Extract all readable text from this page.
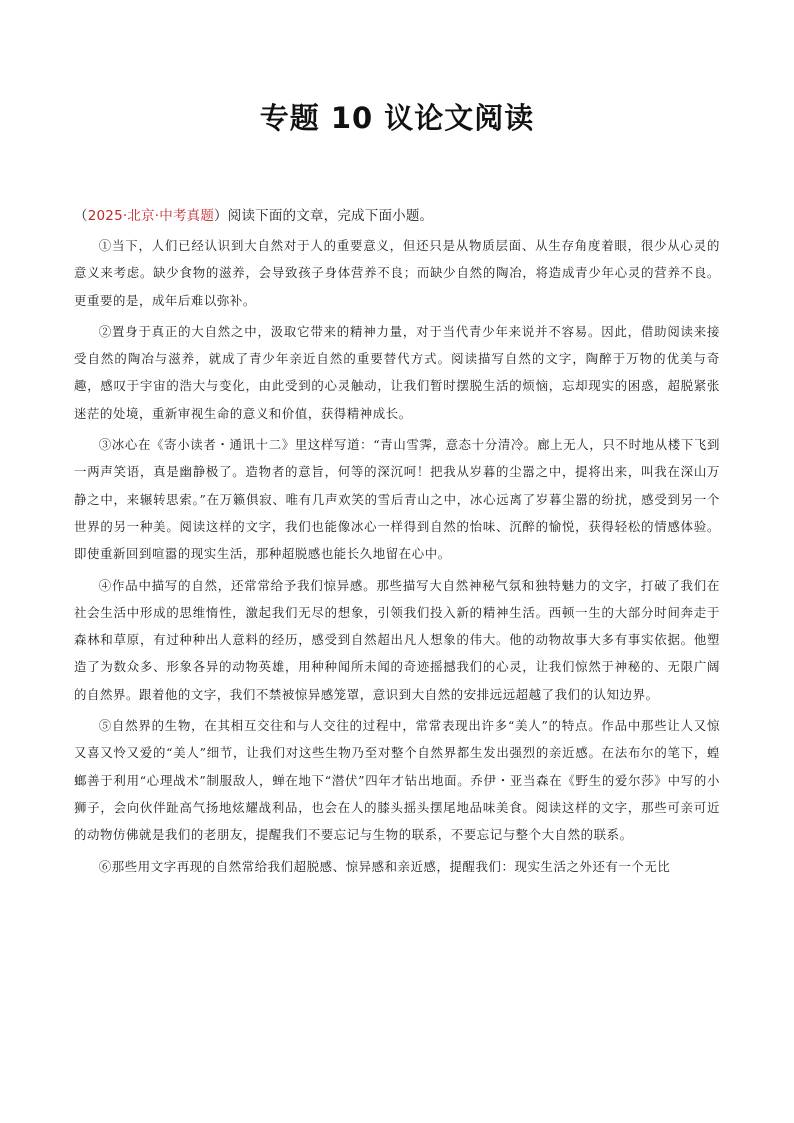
专题 10 议论文阅读

（2025·北京·中考真题）阅读下面的文章，完成下面小题。

①当下，人们已经认识到大自然对于人的重要意义，但还只是从物质层面、从生存角度着眼，很少从心灵的意义来考虑。缺少食物的滋养，会导致孩子身体营养不良；而缺少自然的陶冶，将造成青少年心灵的营养不良。更重要的是，成年后难以弥补。

②置身于真正的大自然之中，汲取它带来的精神力量，对于当代青少年来说并不容易。因此，借助阅读来接受自然的陶冶与滋养，就成了青少年亲近自然的重要替代方式。阅读描写自然的文字，陶醉于万物的优美与奇趣，感叹于宇宙的浩大与变化，由此受到的心灵触动，让我们暂时摆脱生活的烦恼，忘却现实的困惑，超脱紧张迷茫的处境，重新审视生命的意义和价值，获得精神成长。

③冰心在《寄小读者・通讯十二》里这样写道：“青山雪霁，意态十分清冷。廊上无人，只不时地从楼下飞到一两声笑语，真是幽静极了。造物者的意旨，何等的深沉呵！把我从岁暮的尘嚣之中，提将出来，叫我在深山万静之中，来辗转思索。”在万籁俱寂、唯有几声欢笑的雪后青山之中，冰心远离了岁暮尘嚣的纷扰，感受到另一个世界的另一种美。阅读这样的文字，我们也能像冰心一样得到自然的怡味、沉醉的愉悦，获得轻松的情感体验。即使重新回到喧嚣的现实生活，那种超脱感也能长久地留在心中。

④作品中描写的自然，还常常给予我们惊异感。那些描写大自然神秘气氛和独特魅力的文字，打破了我们在社会生活中形成的思维惰性，激起我们无尽的想象，引领我们投入新的精神生活。西顿一生的大部分时间奔走于森林和草原，有过种种出人意料的经历，感受到自然超出凡人想象的伟大。他的动物故事大多有事实依据。他塑造了为数众多、形象各异的动物英雄，用种种闻所未闻的奇迹摇撼我们的心灵，让我们惊然于神秘的、无限广阔的自然界。跟着他的文字，我们不禁被惊异感笼罩，意识到大自然的安排远远超越了我们的认知边界。

⑤自然界的生物，在其相互交往和与人交往的过程中，常常表现出许多“美人”的特点。作品中那些让人又惊又喜又怜又爱的“美人”细节，让我们对这些生物乃至对整个自然界都生发出强烈的亲近感。在法布尔的笔下，蝗螂善于利用“心理战术”制服敌人，蝉在地下“潜伏”四年才钻出地面。乔伊・亚当森在《野生的爱尔莎》中写的小狮子，会向伙伴趾高气扬地炫耀战利品，也会在人的膝头摇头摆尾地品味美食。阅读这样的文字，那些可亲可近的动物仿佛就是我们的老朋友，提醒我们不要忘记与生物的联系，不要忘记与整个大自然的联系。

⑥那些用文字再现的自然常给我们超脱感、惊异感和亲近感，提醒我们：现实生活之外还有一个无比
